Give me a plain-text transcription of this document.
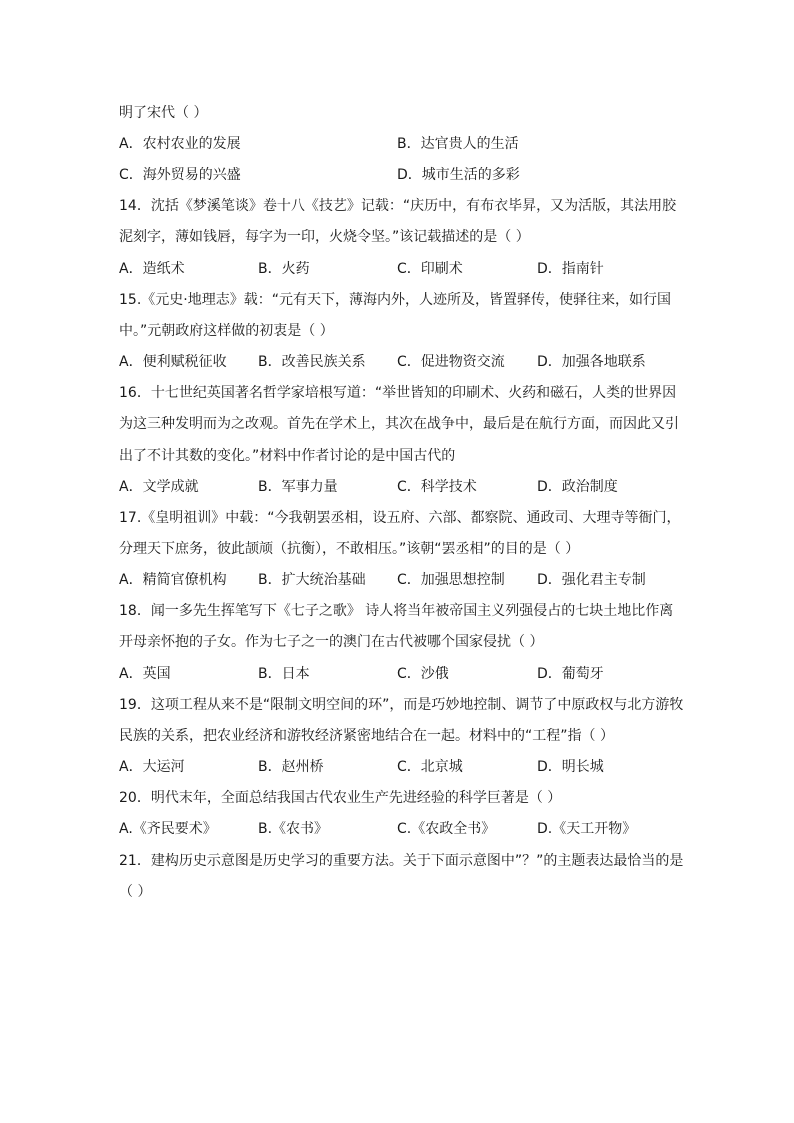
明了宋代（ ）
A．农村农业的发展	B．达官贵人的生活
C．海外贸易的兴盛	D．城市生活的多彩
14．沈括《梦溪笔谈》卷十八《技艺》记载：“庆历中，有布衣毕昇，又为活版，其法用胶
泥刻字，薄如钱唇，每字为一印，火烧令坚。”该记载描述的是（ ）
A．造纸术	B．火药	C．印刷术	D．指南针
15.《元史·地理志》载：“元有天下，薄海内外，人迹所及，皆置驿传，使驿往来，如行国
中。”元朝政府这样做的初衷是（ ）
A．便利赋税征收 B．改善民族关系 C．促进物资交流 D．加强各地联系
16．十七世纪英国著名哲学家培根写道：“举世皆知的印刷术、火药和磁石，人类的世界因
为这三种发明而为之改观。首先在学术上，其次在战争中，最后是在航行方面，而因此又引
出了不计其数的变化。”材料中作者讨论的是中国古代的
A．文学成就	B．军事力量	C．科学技术	D．政治制度
17.《皇明祖训》中载：“今我朝罢丞相，设五府、六部、都察院、通政司、大理寺等衙门，
分理天下庶务，彼此颉颃（抗衡），不敢相压。”该朝“罢丞相”的目的是（ ）
A．精简官僚机构 B．扩大统治基础 C．加强思想控制 D．强化君主专制
18．闻一多先生挥笔写下《七子之歌》 诗人将当年被帝国主义列强侵占的七块土地比作离
开母亲怀抱的子女。作为七子之一的澳门在古代被哪个国家侵扰（ ）
A．英国	B．日本	C．沙俄	D．葡萄牙
19．这项工程从来不是“限制文明空间的环”，而是巧妙地控制、调节了中原政权与北方游牧
民族的关系，把农业经济和游牧经济紧密地结合在一起。材料中的“工程”指（ ）
A．大运河	B．赵州桥	C．北京城	D．明长城
20．明代末年，全面总结我国古代农业生产先进经验的科学巨著是（ ）
A.《齐民要术》	B.《农书》	C.《农政全书》	D.《天工开物》
21．建构历史示意图是历史学习的重要方法。关于下面示意图中”？”的主题表达最恰当的是
（ ）
